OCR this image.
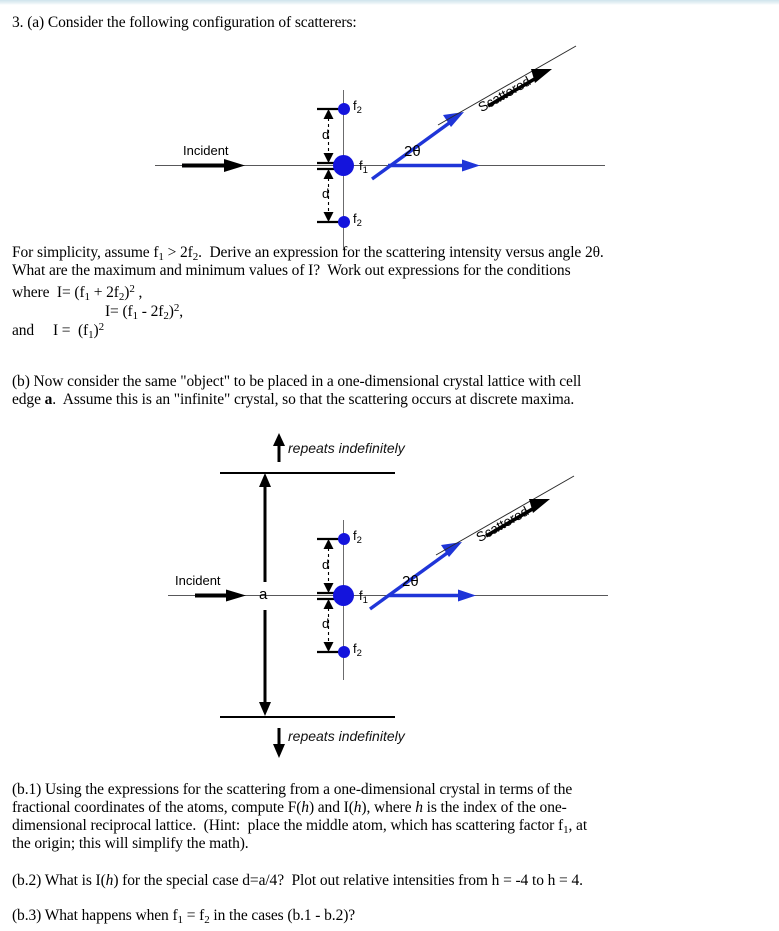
3. (a) Consider the following configuration of scatterers:
Incident
$f_2$
$f_1$
$f_2$
d
d
2θ
Scattered
For simplicity, assume $f_1 > 2f_2$.  Derive an expression for the scattering intensity versus angle 2θ.
What are the maximum and minimum values of I?  Work out expressions for the conditions
where  $I= (f_1 + 2f_2)^2$ ,
$I= (f_1 - 2f_2)^2$,
and     $I = (f_1)^2$
(b) Now consider the same "object" to be placed in a one-dimensional crystal lattice with cell
edge a.  Assume this is an "infinite" crystal, so that the scattering occurs at discrete maxima.
Incident
a
$f_2$
$f_1$
$f_2$
d
d
2θ
Scattered
repeats indefinitely
repeats indefinitely
(b.1) Using the expressions for the scattering from a one-dimensional crystal in terms of the
fractional coordinates of the atoms, compute F(h) and I(h), where h is the index of the one-
dimensional reciprocal lattice.  (Hint:  place the middle atom, which has scattering factor $f_1$, at
the origin; this will simplify the math).
(b.2) What is I(h) for the special case d=a/4?  Plot out relative intensities from h = -4 to h = 4.
(b.3) What happens when $f_1 = f_2$ in the cases (b.1 - b.2)?
